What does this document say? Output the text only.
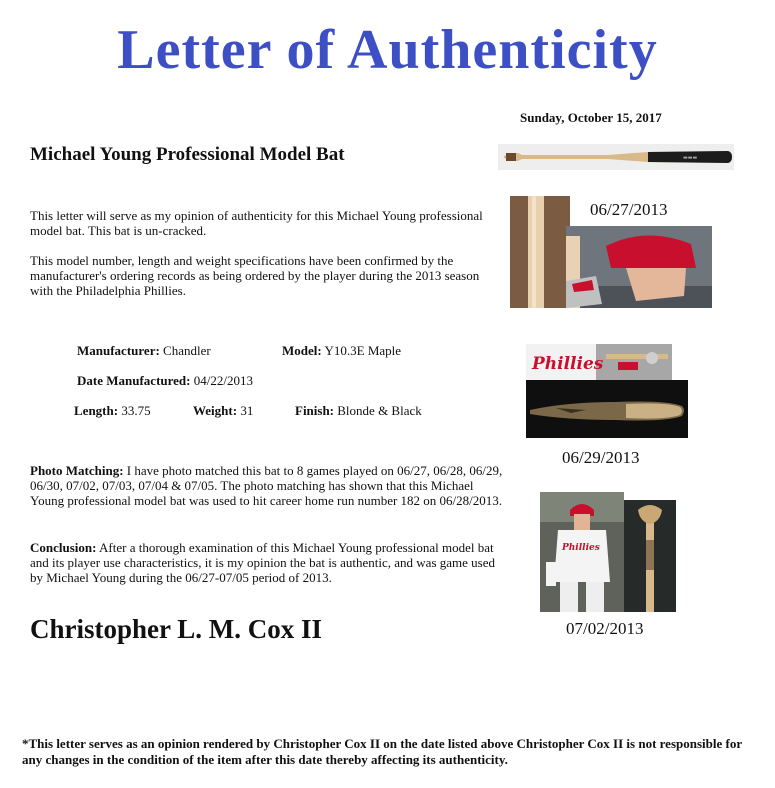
Letter of Authenticity
Sunday, October 15, 2017
Michael Young Professional Model Bat	▬▬▬
This letter will serve as my opinion of authenticity for this Michael Young professional model bat. This bat is un-cracked.
This model number, length and weight specifications have been confirmed by the manufacturer's ordering records as being ordered by the player during the 2013 season with the Philadelphia Phillies.
06/27/2013
Manufacturer: Chandler	Model: Y10.3E Maple
Date Manufactured: 04/22/2013
Length: 33.75	Weight: 31	Finish: Blonde & Black
Phillies
06/29/2013
Photo Matching: I have photo matched this bat to 8 games played on 06/27, 06/28, 06/29, 06/30, 07/02, 07/03, 07/04 & 07/05. The photo matching has shown that this Michael Young professional model bat was used to hit career home run number 182 on 06/28/2013.
Conclusion: After a thorough examination of this Michael Young professional model bat and its player use characteristics, it is my opinion the bat is authentic, and was game used by Michael Young during the 06/27-07/05 period of 2013.
Phillies
07/02/2013
Christopher L. M. Cox II
*This letter serves as an opinion rendered by Christopher Cox II on the date listed above Christopher Cox II is not responsible for any changes in the condition of the item after this date thereby affecting its authenticity.
